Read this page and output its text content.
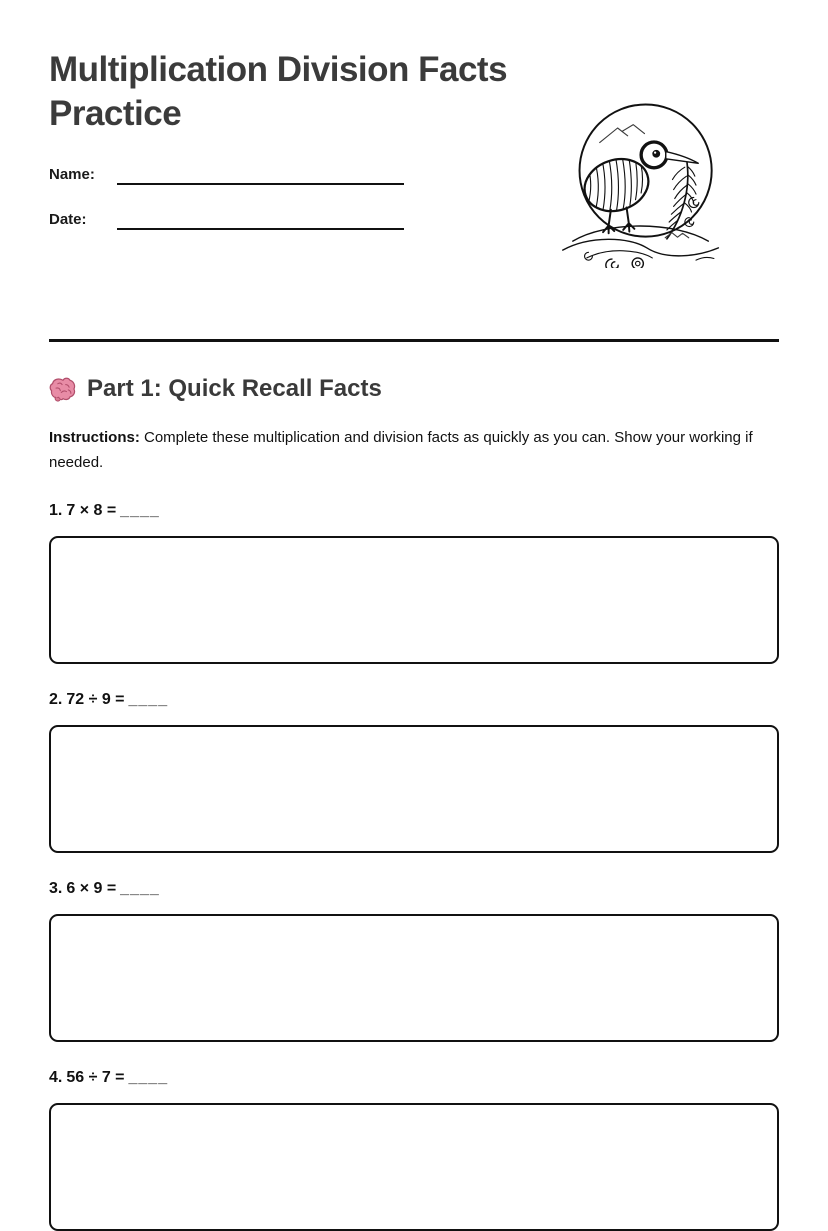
Multiplication Division Facts Practice
Name:
Date:
Part 1: Quick Recall Facts

Instructions: Complete these multiplication and division facts as quickly as you can. Show your working if needed.

1. 7 × 8 = ____

2. 72 ÷ 9 = ____

3. 6 × 9 = ____

4. 56 ÷ 7 = ____
